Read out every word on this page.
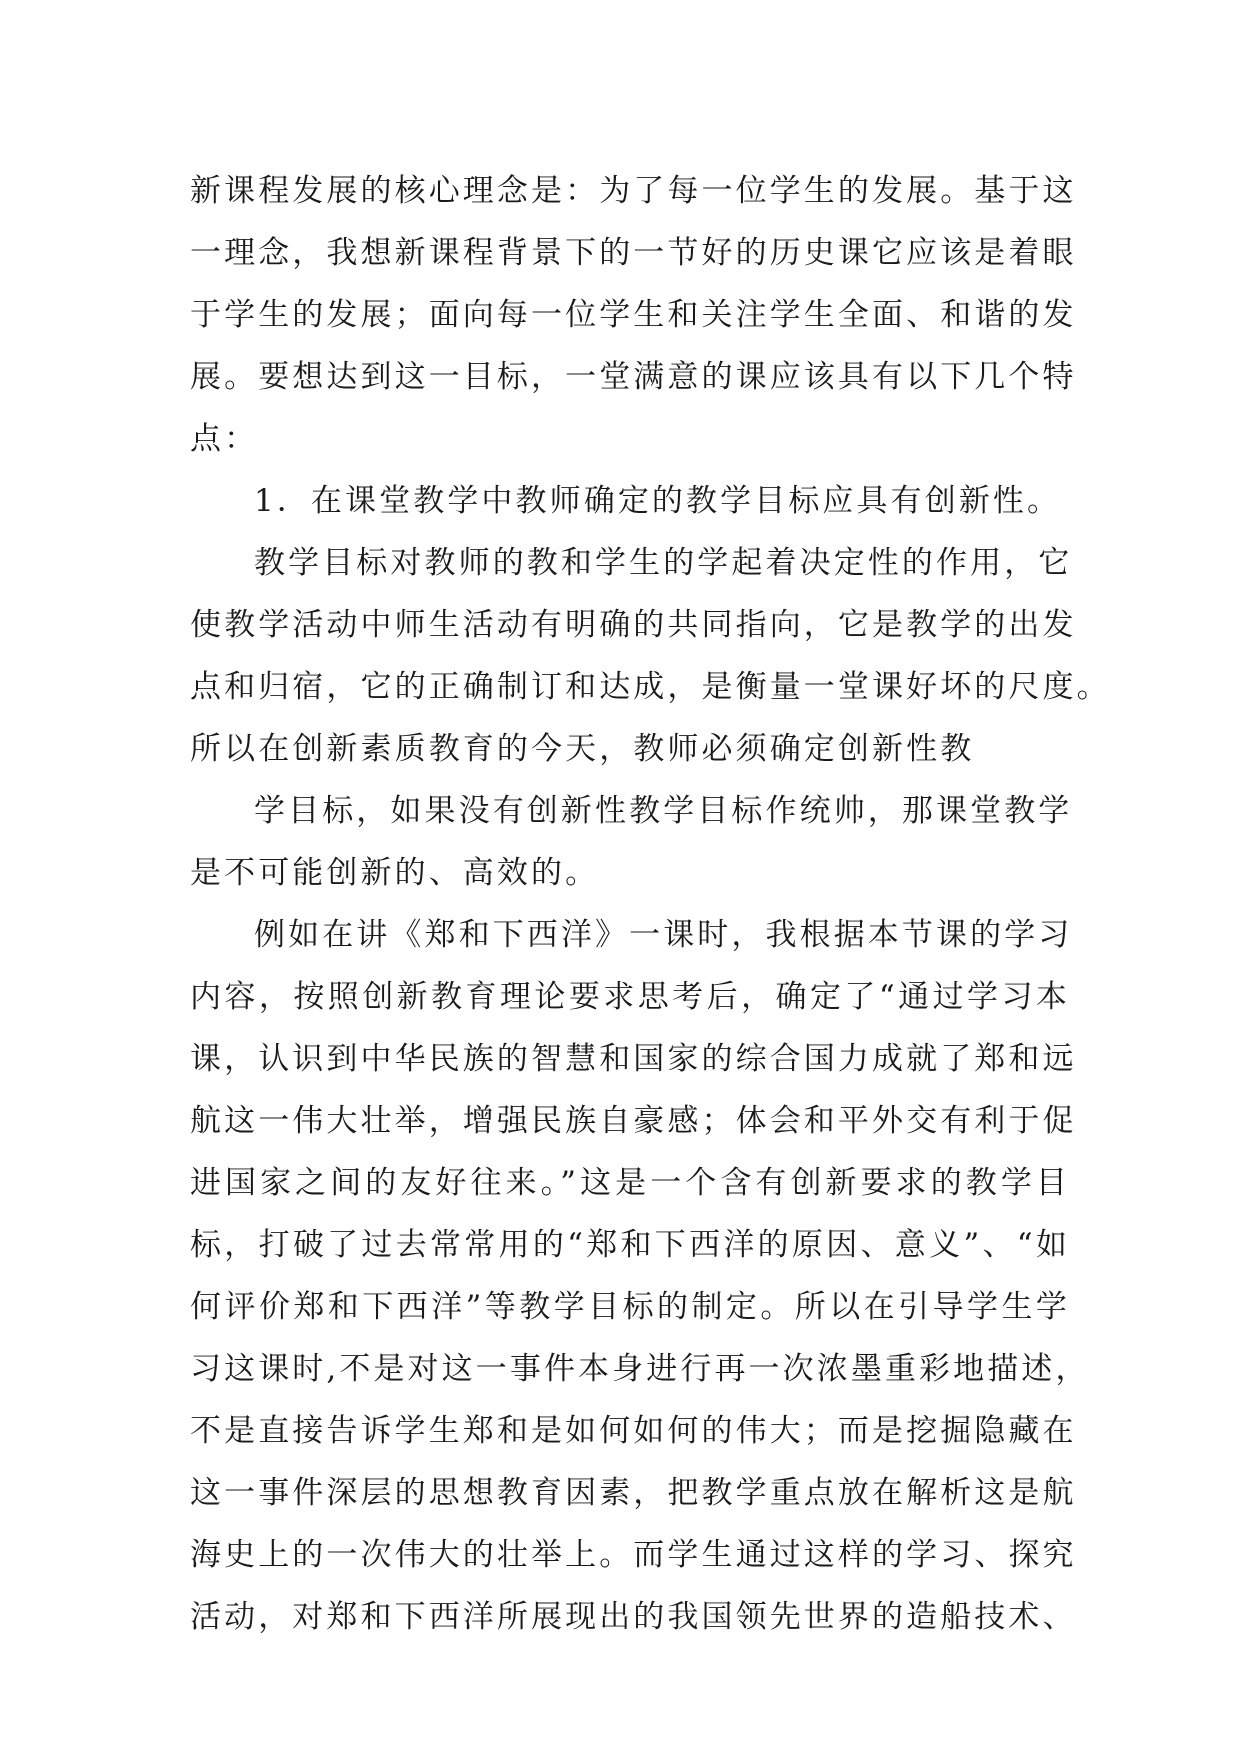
新课程发展的核心理念是：为了每一位学生的发展。基于这
一理念，我想新课程背景下的一节好的历史课它应该是着眼
于学生的发展；面向每一位学生和关注学生全面、和谐的发
展。要想达到这一目标，一堂满意的课应该具有以下几个特
点：
1．在课堂教学中教师确定的教学目标应具有创新性。
教学目标对教师的教和学生的学起着决定性的作用，它
使教学活动中师生活动有明确的共同指向，它是教学的出发
点和归宿，它的正确制订和达成，是衡量一堂课好坏的尺度。
所以在创新素质教育的今天，教师必须确定创新性教
学目标，如果没有创新性教学目标作统帅，那课堂教学
是不可能创新的、高效的。
例如在讲《郑和下西洋》一课时，我根据本节课的学习
内容，按照创新教育理论要求思考后，确定了“通过学习本
课，认识到中华民族的智慧和国家的综合国力成就了郑和远
航这一伟大壮举，增强民族自豪感；体会和平外交有利于促
进国家之间的友好往来。”这是一个含有创新要求的教学目
标，打破了过去常常用的“郑和下西洋的原因、意义”、“如
何评价郑和下西洋”等教学目标的制定。所以在引导学生学
习这课时,不是对这一事件本身进行再一次浓墨重彩地描述，
不是直接告诉学生郑和是如何如何的伟大；而是挖掘隐藏在
这一事件深层的思想教育因素，把教学重点放在解析这是航
海史上的一次伟大的壮举上。而学生通过这样的学习、探究
活动，对郑和下西洋所展现出的我国领先世界的造船技术、
